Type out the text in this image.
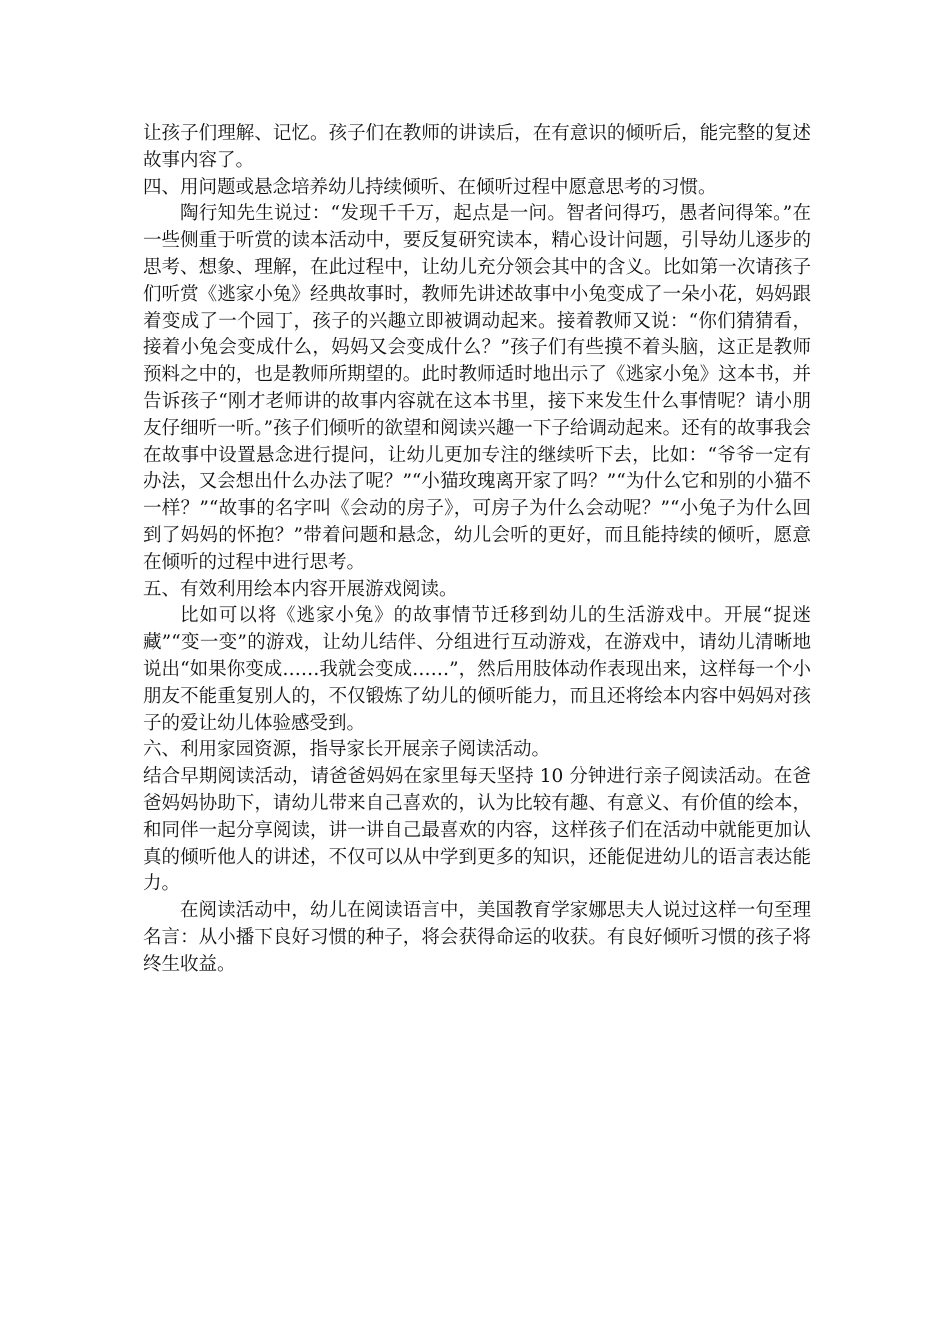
让孩子们理解、记忆。孩子们在教师的讲读后，在有意识的倾听后，能完整的复述故事内容了。

四、用问题或悬念培养幼儿持续倾听、在倾听过程中愿意思考的习惯。

陶行知先生说过：“发现千千万，起点是一问。智者问得巧，愚者问得笨。”在一些侧重于听赏的读本活动中，要反复研究读本，精心设计问题，引导幼儿逐步的思考、想象、理解，在此过程中，让幼儿充分领会其中的含义。比如第一次请孩子们听赏《逃家小兔》经典故事时，教师先讲述故事中小兔变成了一朵小花，妈妈跟着变成了一个园丁，孩子的兴趣立即被调动起来。接着教师又说：“你们猜猜看，接着小兔会变成什么，妈妈又会变成什么？”孩子们有些摸不着头脑，这正是教师预料之中的，也是教师所期望的。此时教师适时地出示了《逃家小兔》这本书，并告诉孩子“刚才老师讲的故事内容就在这本书里，接下来发生什么事情呢？请小朋友仔细听一听。”孩子们倾听的欲望和阅读兴趣一下子给调动起来。还有的故事我会在故事中设置悬念进行提问，让幼儿更加专注的继续听下去，比如：“爷爷一定有办法，又会想出什么办法了呢？”“小猫玫瑰离开家了吗？”“为什么它和别的小猫不一样？”“故事的名字叫《会动的房子》，可房子为什么会动呢？”“小兔子为什么回到了妈妈的怀抱？”带着问题和悬念，幼儿会听的更好，而且能持续的倾听，愿意在倾听的过程中进行思考。

五、有效利用绘本内容开展游戏阅读。

比如可以将《逃家小兔》的故事情节迁移到幼儿的生活游戏中。开展“捉迷藏”“变一变”的游戏，让幼儿结伴、分组进行互动游戏，在游戏中，请幼儿清晰地说出“如果你变成……我就会变成……”，然后用肢体动作表现出来，这样每一个小朋友不能重复别人的，不仅锻炼了幼儿的倾听能力，而且还将绘本内容中妈妈对孩子的爱让幼儿体验感受到。

六、利用家园资源，指导家长开展亲子阅读活动。

结合早期阅读活动，请爸爸妈妈在家里每天坚持 10 分钟进行亲子阅读活动。在爸爸妈妈协助下，请幼儿带来自己喜欢的，认为比较有趣、有意义、有价值的绘本，和同伴一起分享阅读，讲一讲自己最喜欢的内容，这样孩子们在活动中就能更加认真的倾听他人的讲述，不仅可以从中学到更多的知识，还能促进幼儿的语言表达能力。

在阅读活动中，幼儿在阅读语言中，美国教育学家娜思夫人说过这样一句至理名言：从小播下良好习惯的种子，将会获得命运的收获。有良好倾听习惯的孩子将终生收益。
